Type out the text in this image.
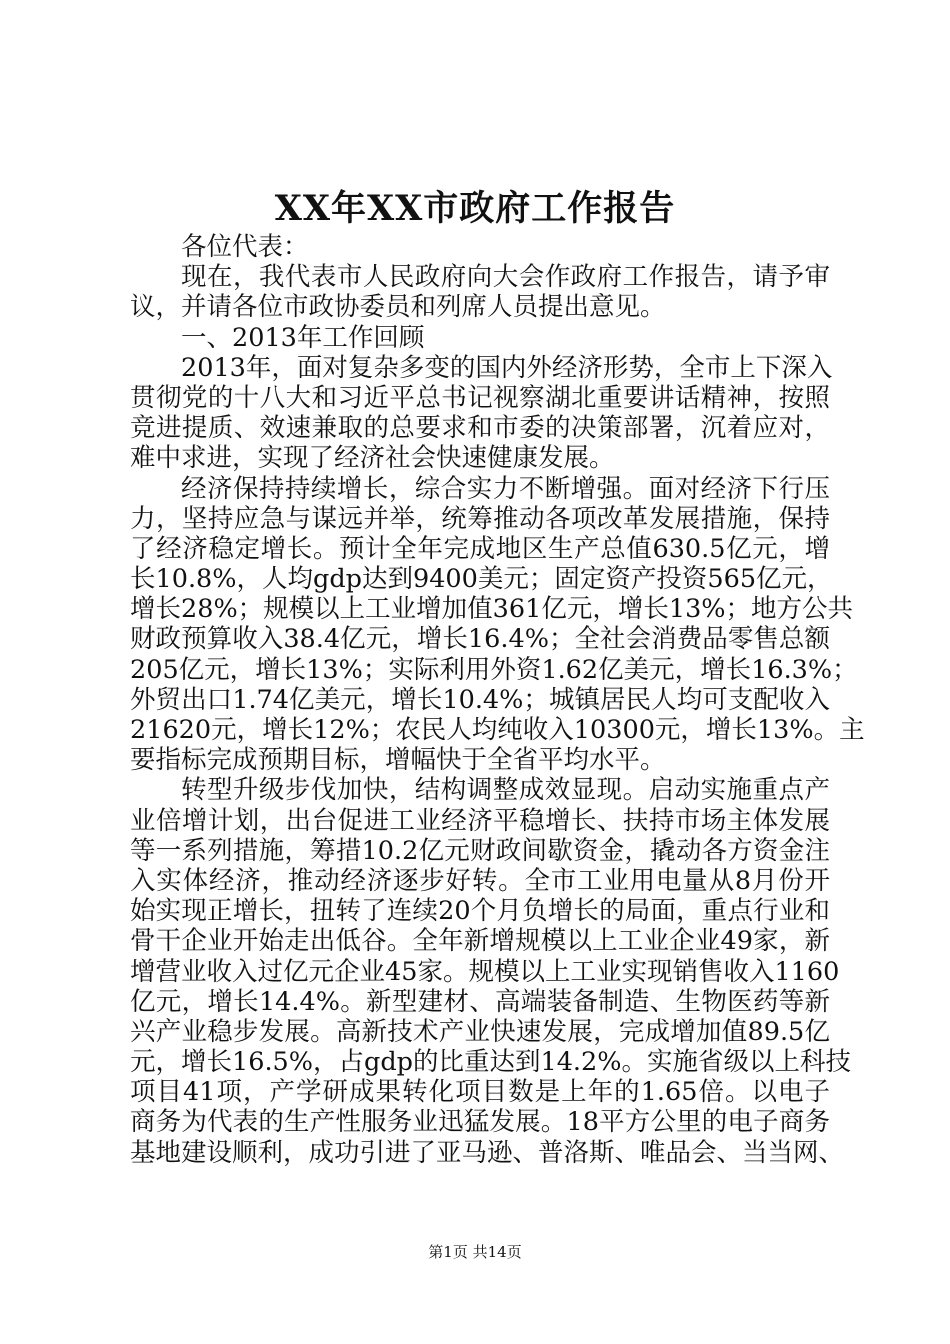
XX年XX市政府工作报告
各位代表：
现在，我代表市人民政府向大会作政府工作报告，请予审
议，并请各位市政协委员和列席人员提出意见。
一、2013年工作回顾
2013年，面对复杂多变的国内外经济形势，全市上下深入
贯彻党的十八大和习近平总书记视察湖北重要讲话精神，按照
竞进提质、效速兼取的总要求和市委的决策部署，沉着应对，
难中求进，实现了经济社会快速健康发展。
经济保持持续增长，综合实力不断增强。面对经济下行压
力，坚持应急与谋远并举，统筹推动各项改革发展措施，保持
了经济稳定增长。预计全年完成地区生产总值630.5亿元，增
长10.8%，人均gdp达到9400美元；固定资产投资565亿元，
增长28%；规模以上工业增加值361亿元，增长13%；地方公共
财政预算收入38.4亿元，增长16.4%；全社会消费品零售总额
205亿元，增长13%；实际利用外资1.62亿美元，增长16.3%；
外贸出口1.74亿美元，增长10.4%；城镇居民人均可支配收入
21620元，增长12%；农民人均纯收入10300元，增长13%。主
要指标完成预期目标，增幅快于全省平均水平。
转型升级步伐加快，结构调整成效显现。启动实施重点产
业倍增计划，出台促进工业经济平稳增长、扶持市场主体发展
等一系列措施，筹措10.2亿元财政间歇资金，撬动各方资金注
入实体经济，推动经济逐步好转。全市工业用电量从8月份开
始实现正增长，扭转了连续20个月负增长的局面，重点行业和
骨干企业开始走出低谷。全年新增规模以上工业企业49家，新
增营业收入过亿元企业45家。规模以上工业实现销售收入1160
亿元，增长14.4%。新型建材、高端装备制造、生物医药等新
兴产业稳步发展。高新技术产业快速发展，完成增加值89.5亿
元，增长16.5%，占gdp的比重达到14.2%。实施省级以上科技
项目41项，产学研成果转化项目数是上年的1.65倍。以电子
商务为代表的生产性服务业迅猛发展。18平方公里的电子商务
基地建设顺利，成功引进了亚马逊、普洛斯、唯品会、当当网、
第1页 共14页
